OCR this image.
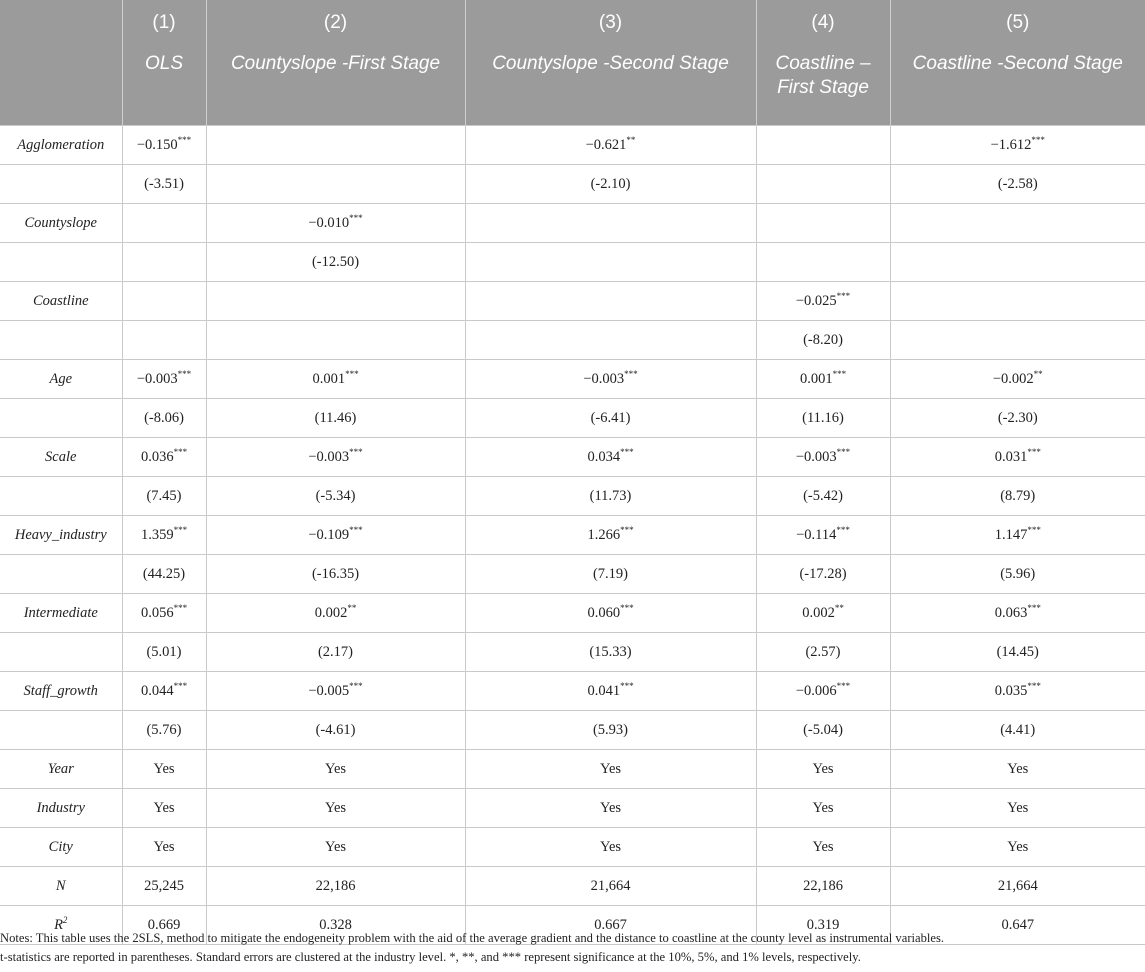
	(1)	(2)	(3)	(4)	(5)
	OLS	Countyslope -First Stage	Countyslope -Second Stage	Coastline – First Stage	Coastline -Second Stage
Agglomeration	−0.150***		−0.621**		−1.612***
	(-3.51)		(-2.10)		(-2.58)
Countyslope		−0.010***			
		(-12.50)			
Coastline				−0.025***	
				(-8.20)	
Age	−0.003***	0.001***	−0.003***	0.001***	−0.002**
	(-8.06)	(11.46)	(-6.41)	(11.16)	(-2.30)
Scale	0.036***	−0.003***	0.034***	−0.003***	0.031***
	(7.45)	(-5.34)	(11.73)	(-5.42)	(8.79)
Heavy_industry	1.359***	−0.109***	1.266***	−0.114***	1.147***
	(44.25)	(-16.35)	(7.19)	(-17.28)	(5.96)
Intermediate	0.056***	0.002**	0.060***	0.002**	0.063***
	(5.01)	(2.17)	(15.33)	(2.57)	(14.45)
Staff_growth	0.044***	−0.005***	0.041***	−0.006***	0.035***
	(5.76)	(-4.61)	(5.93)	(-5.04)	(4.41)
Year	Yes	Yes	Yes	Yes	Yes
Industry	Yes	Yes	Yes	Yes	Yes
City	Yes	Yes	Yes	Yes	Yes
N	25,245	22,186	21,664	22,186	21,664
$R^2$	0.669	0.328	0.667	0.319	0.647
Notes: This table uses the 2SLS, method to mitigate the endogeneity problem with the aid of the average gradient and the distance to coastline at the county level as instrumental variables.
t-statistics are reported in parentheses. Standard errors are clustered at the industry level. *, **, and *** represent significance at the 10%, 5%, and 1% levels, respectively.
